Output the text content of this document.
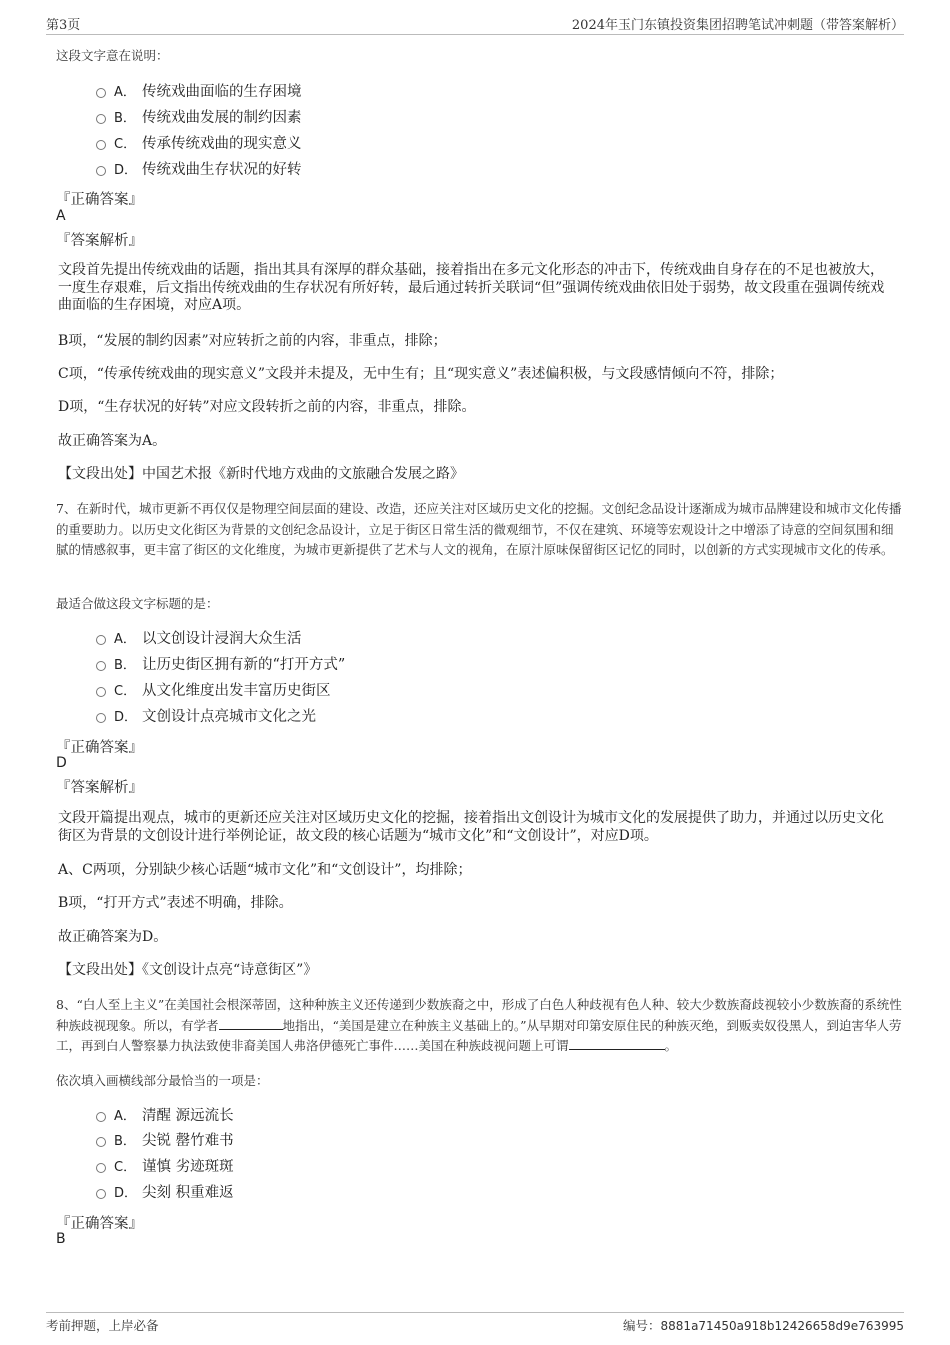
第3页	2024年玉门东镇投资集团招聘笔试冲刺题（带答案解析）
这段文字意在说明：
A． 传统戏曲面临的生存困境
B． 传统戏曲发展的制约因素
C． 传承传统戏曲的现实意义
D． 传统戏曲生存状况的好转
『正确答案』
A
『答案解析』
文段首先提出传统戏曲的话题，指出其具有深厚的群众基础，接着指出在多元文化形态的冲击下，传统戏曲自身存在的不足也被放大，一度生存艰难，后文指出传统戏曲的生存状况有所好转，最后通过转折关联词“但”强调传统戏曲依旧处于弱势，故文段重在强调传统戏曲面临的生存困境，对应A项。
B项，“发展的制约因素”对应转折之前的内容，非重点，排除；
C项，“传承传统戏曲的现实意义”文段并未提及，无中生有；且“现实意义”表述偏积极，与文段感情倾向不符，排除；
D项，“生存状况的好转”对应文段转折之前的内容，非重点，排除。
故正确答案为A。
【文段出处】中国艺术报《新时代地方戏曲的文旅融合发展之路》
7、在新时代，城市更新不再仅仅是物理空间层面的建设、改造，还应关注对区域历史文化的挖掘。文创纪念品设计逐渐成为城市品牌建设和城市文化传播的重要助力。以历史文化街区为背景的文创纪念品设计，立足于街区日常生活的微观细节，不仅在建筑、环境等宏观设计之中增添了诗意的空间氛围和细腻的情感叙事，更丰富了街区的文化维度，为城市更新提供了艺术与人文的视角，在原汁原味保留街区记忆的同时，以创新的方式实现城市文化的传承。
最适合做这段文字标题的是：
A． 以文创设计浸润大众生活
B． 让历史街区拥有新的“打开方式”
C． 从文化维度出发丰富历史街区
D． 文创设计点亮城市文化之光
『正确答案』
D
『答案解析』
文段开篇提出观点，城市的更新还应关注对区域历史文化的挖掘，接着指出文创设计为城市文化的发展提供了助力，并通过以历史文化街区为背景的文创设计进行举例论证，故文段的核心话题为“城市文化”和“文创设计”，对应D项。
A、C两项，分别缺少核心话题“城市文化”和“文创设计”，均排除；
B项，“打开方式”表述不明确，排除。
故正确答案为D。
【文段出处】《文创设计点亮“诗意街区”》
8、“白人至上主义”在美国社会根深蒂固，这种种族主义还传递到少数族裔之中，形成了白色人种歧视有色人种、较大少数族裔歧视较小少数族裔的系统性种族歧视现象。所以，有学者	地指出，“美国是建立在种族主义基础上的。”从早期对印第安原住民的种族灭绝，到贩卖奴役黑人，到迫害华人劳工，再到白人警察暴力执法致使非裔美国人弗洛伊德死亡事件……美国在种族歧视问题上可谓	。
依次填入画横线部分最恰当的一项是：
A． 清醒 源远流长
B． 尖锐 罄竹难书
C． 谨慎 劣迹斑斑
D． 尖刻 积重难返
『正确答案』
B
考前押题，上岸必备	编号：8881a71450a918b12426658d9e763995
